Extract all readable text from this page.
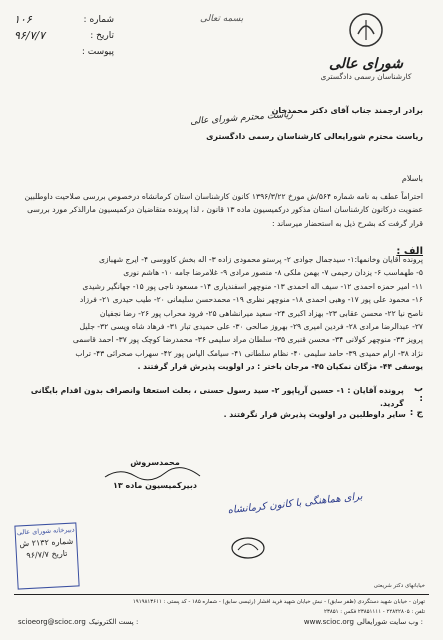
شماره :
۱۰۶
تاریخ :
۹۶/۷/۷
پیوست :
بسمه تعالی
شورای عالی
کارشناسان رسمی دادگستری
برادر ارجمند جناب آقای دکتر محمدخان
ریاست محترم شورای عالی
ریاست محترم شورایعالی کارشناسان رسمی دادگستری
باسلام
احتراماً عطف به نامه شماره ۵۶۴/ش مورخ ۱۳۹۶/۳/۲۲ کانون کارشناسان استان کرمانشاه درخصوص بررسی صلاحیت داوطلبین عضویت درکانون کارشناسان استان مذکور درکمیسیون ماده ۱۳ قانون ، لذا پرونده متقاضیان درکمیسیون مارالذکر مورد بررسی قرار گرفت که بشرح ذیل به استحضار میرساند :
الف :
پرونده آقایان وخانمها:۱- سیدجمال جوادی ۲- پرستو محمودی زاده ۳- اله بخش کاووسی ۴- ایرج شهبازی
۵- طهماسب ۶- یزدان رحیمی ۷- بهمن ملکی ۸- منصور مرادی ۹- غلامرضا جامه ۱۰- هاشم نوری
۱۱- امیر حمزه احمدی ۱۲- سیف اله احمدی ۱۳- منوچهر اسفندیاری ۱۴- مسعود ناجی پور ۱۵- جهانگیر رشیدی
۱۶- محمود علی پور ۱۷- وهبی احمدی ۱۸- منوچهر نظری ۱۹- محمدحسن سلیمانی ۲۰- طیب حیدری ۲۱- فرزاد
ناصح نیا ۲۲- محسن عقابی ۲۳- بهزاد اکبری ۲۴- سعید میرانشاهی ۲۵- فرود محراب پور ۲۶- رضا نجفیان
۲۷- عبدالرضا مرادی ۲۸- فردین امیری ۲۹- بهروز صالحی ۳۰- علی حمیدی تبار ۳۱- فرهاد شاه ویسی ۳۲- جلیل
پرویز ۳۳- منوچهر کولانی ۳۴- محسن قنبری ۳۵- سلطان مراد سلیمی ۳۶- محمدرضا کوچک پور ۳۷- احمد قاسمی
نژاد ۳۸- ارام حمیدی ۳۹- حامد سلیمی ۴۰- نظام سلطانی ۴۱- سیامک الیاس پور ۴۲- سهراب صحرائی ۴۳- تراب
یوسفی ۴۴- مژگان نمکیان ۴۵- مرجان باختر : در اولویت پذیرش قرار گرفتند .
ب :
پرونده آقایان : ۱- حسین آرپاپور ۲- سید رسول حسنی ، بعلت استعفا وانصراف بدون اقدام بایگانی گردید.
ج :
سایر داوطلبین در اولویت پذیرش قرار نگرفتند .
محمدسروش
دبیرکمیسیون ماده ۱۳
برای هماهنگی با کانون کرمانشاه
دبیرخانه شورای عالی
شماره ۲۱۳۲ ش
تاریخ ۹۶/۷/۷
خیابانهای دکتر شریعتی
تهران - خیابان شهید دستگردی (ظفر سابق) - نبش خیابان شهید فرید افشار (رئیسی سابق) - شماره ۱۸۵ - کد پستی : ۱۹۱۹۸۱۳۶۱۱
تلفن : ۲۲۸۴۲۸۰۵ - ۲۳۸۵۱۱۱۱ فکس : ۲۳۸۵۱
scioeorg@scioc.org پست الکترونیک :	www.scioc.org وب سایت شورایعالی :
